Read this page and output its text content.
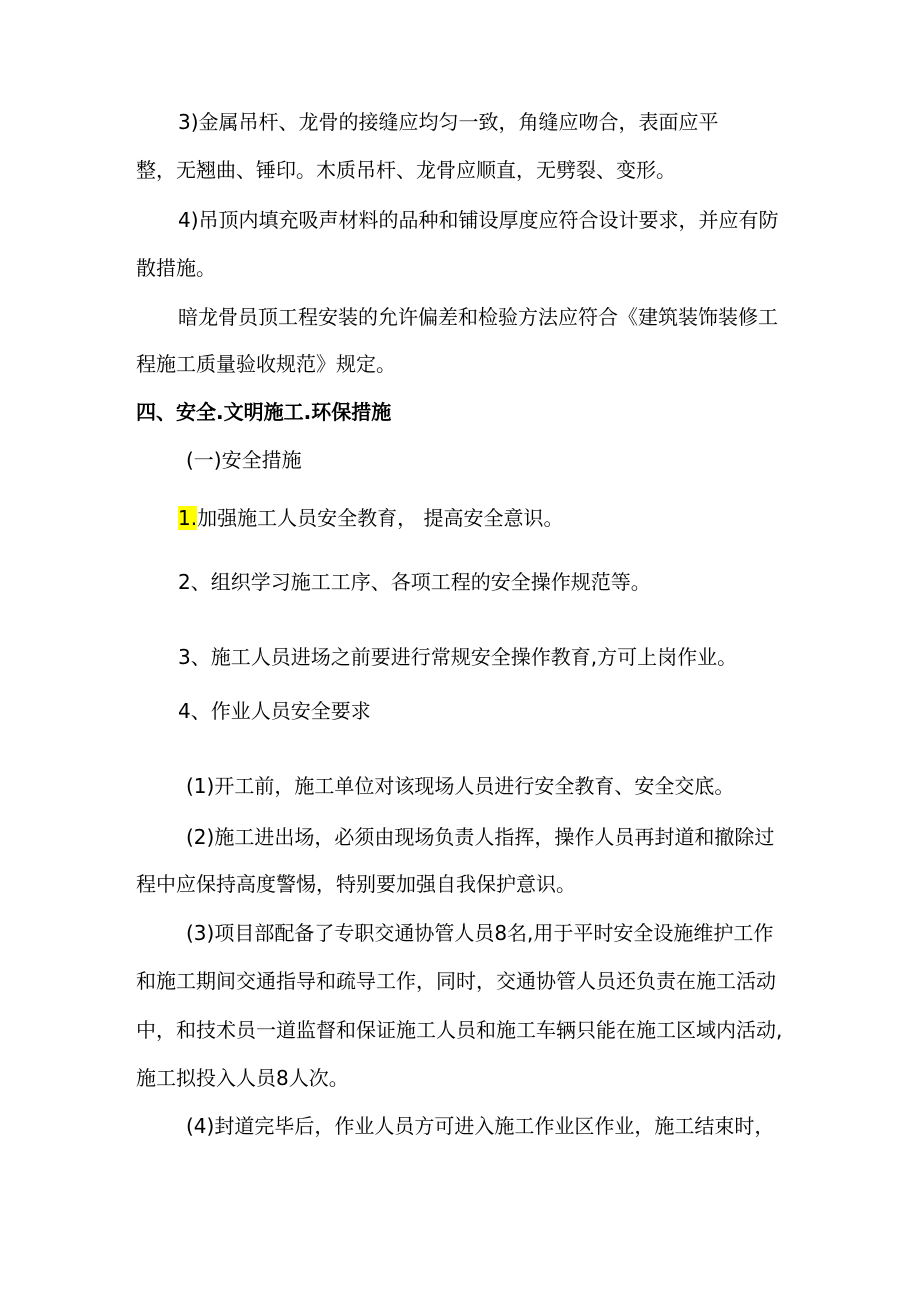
3)金属吊杆、龙骨的接缝应均匀一致，角缝应吻合，表面应平
整，无翘曲、锤印。木质吊杆、龙骨应顺直，无劈裂、变形。
4)吊顶内填充吸声材料的品种和铺设厚度应符合设计要求，并应有防
散措施。
暗龙骨员顶工程安装的允许偏差和检验方法应符合《建筑装饰装修工
程施工质量验收规范》规定。
四、安全.文明施工.环保措施
(一)安全措施
1.加强施工人员安全教育， 提高安全意识。
2、组织学习施工工序、各项工程的安全操作规范等。
3、施工人员进场之前要进行常规安全操作教育,方可上岗作业。
4、作业人员安全要求
(1)开工前，施工单位对该现场人员进行安全教育、安全交底。
(2)施工进出场，必须由现场负责人指挥，操作人员再封道和撤除过
程中应保持高度警惕，特别要加强自我保护意识。
(3)项目部配备了专职交通协管人员8名,用于平时安全设施维护工作
和施工期间交通指导和疏导工作，同时，交通协管人员还负责在施工活动
中，和技术员一道监督和保证施工人员和施工车辆只能在施工区域内活动,
施工拟投入人员8人次。
(4)封道完毕后，作业人员方可进入施工作业区作业，施工结束时，
